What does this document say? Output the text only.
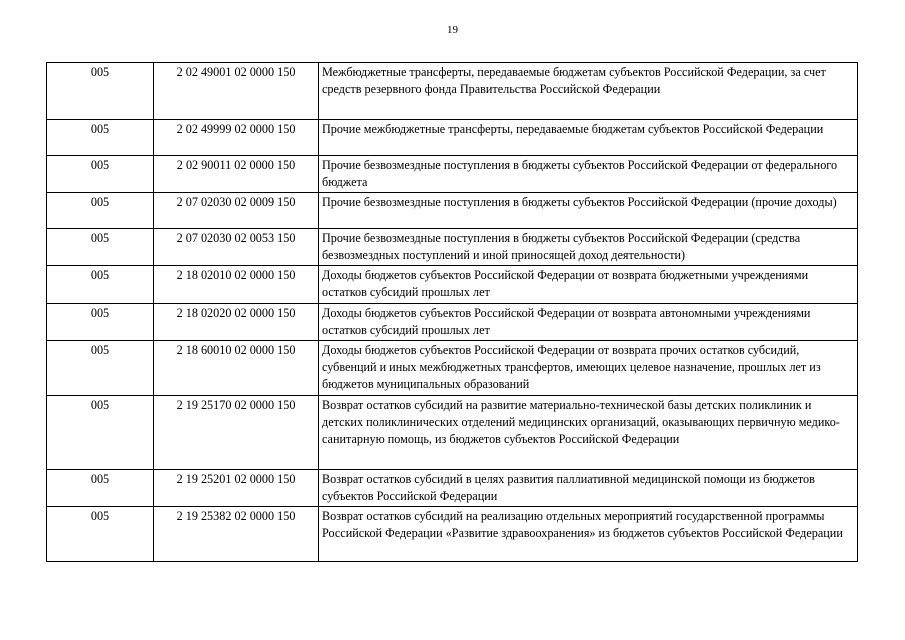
19
005	2 02 49001 02 0000 150	Межбюджетные трансферты, передаваемые бюджетам субъектов Российской Федерации, за счет средств резервного фонда Правительства Российской Федерации
005	2 02 49999 02 0000 150	Прочие межбюджетные трансферты, передаваемые бюджетам субъектов Российской Федерации
005	2 02 90011 02 0000 150	Прочие безвозмездные поступления в бюджеты субъектов Российской Федерации от федерального бюджета
005	2 07 02030 02 0009 150	Прочие безвозмездные поступления в бюджеты субъектов Российской Федерации (прочие доходы)
005	2 07 02030 02 0053 150	Прочие безвозмездные поступления в бюджеты субъектов Российской Федерации (средства безвозмездных поступлений и иной приносящей доход деятельности)
005	2 18 02010 02 0000 150	Доходы бюджетов субъектов Российской Федерации от возврата бюджетными учреждениями остатков субсидий прошлых лет
005	2 18 02020 02 0000 150	Доходы бюджетов субъектов Российской Федерации от возврата автономными учреждениями остатков субсидий прошлых лет
005	2 18 60010 02 0000 150	Доходы бюджетов субъектов Российской Федерации от возврата прочих остатков субсидий, субвенций и иных межбюджетных трансфертов, имеющих целевое назначение, прошлых лет из бюджетов муниципальных образований
005	2 19 25170 02 0000 150	Возврат остатков субсидий на развитие материально-технической базы детских поликлиник и детских поликлинических отделений медицинских организаций, оказывающих первичную медико-санитарную помощь, из бюджетов субъектов Российской Федерации
005	2 19 25201 02 0000 150	Возврат остатков субсидий в целях развития паллиативной медицинской помощи из бюджетов субъектов Российской Федерации
005	2 19 25382 02 0000 150	Возврат остатков субсидий на реализацию отдельных мероприятий государственной программы Российской Федерации «Развитие здравоохранения» из бюджетов субъектов Российской Федерации
